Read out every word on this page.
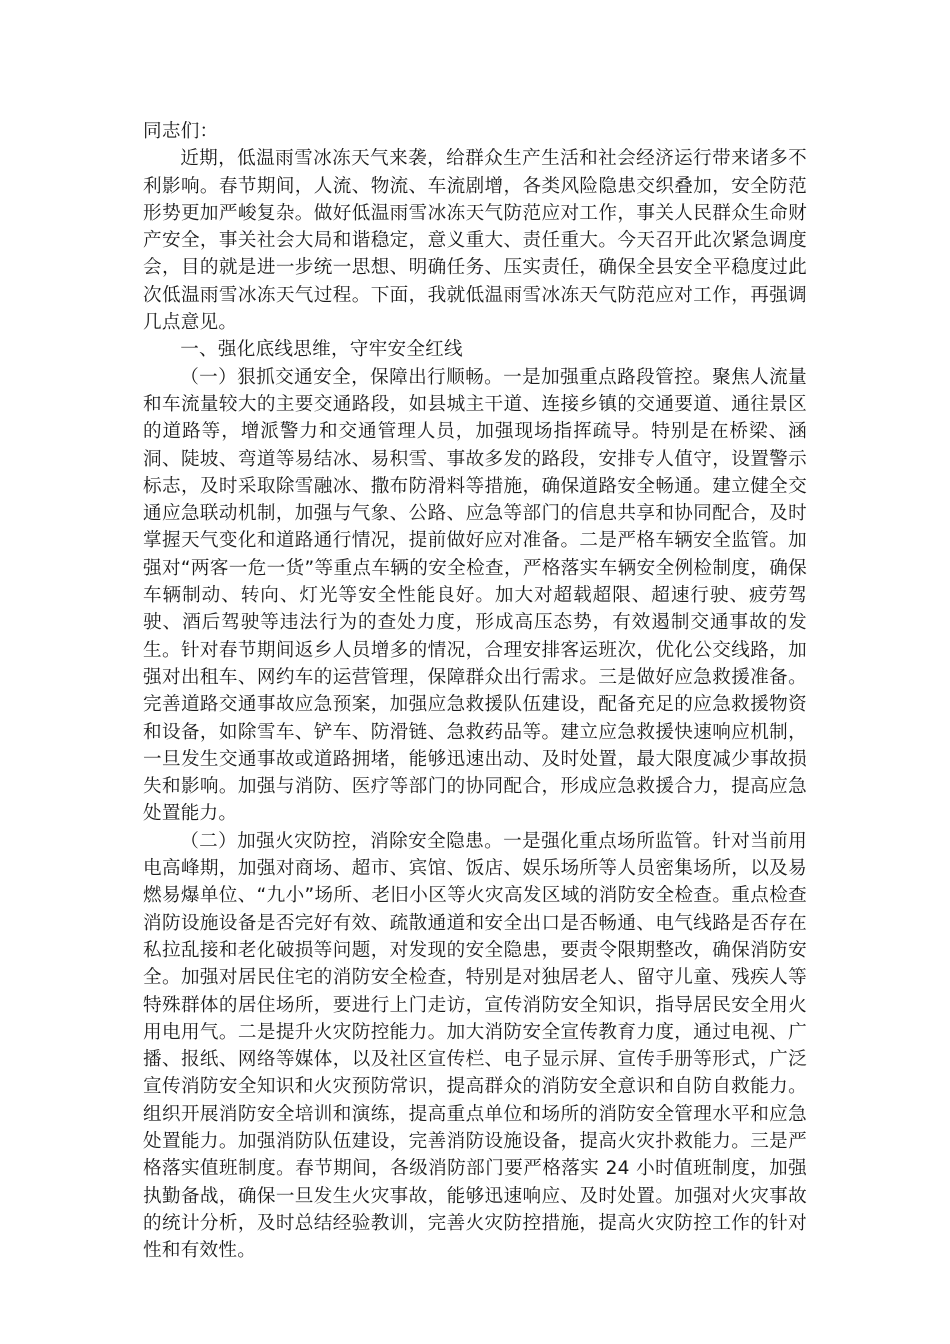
同志们：

近期，低温雨雪冰冻天气来袭，给群众生产生活和社会经济运行带来诸多不利影响。春节期间，人流、物流、车流剧增，各类风险隐患交织叠加，安全防范形势更加严峻复杂。做好低温雨雪冰冻天气防范应对工作，事关人民群众生命财产安全，事关社会大局和谐稳定，意义重大、责任重大。今天召开此次紧急调度会，目的就是进一步统一思想、明确任务、压实责任，确保全县安全平稳度过此次低温雨雪冰冻天气过程。下面，我就低温雨雪冰冻天气防范应对工作，再强调几点意见。

一、强化底线思维，守牢安全红线

（一）狠抓交通安全，保障出行顺畅。一是加强重点路段管控。聚焦人流量和车流量较大的主要交通路段，如县城主干道、连接乡镇的交通要道、通往景区的道路等，增派警力和交通管理人员，加强现场指挥疏导。特别是在桥梁、涵洞、陡坡、弯道等易结冰、易积雪、事故多发的路段，安排专人值守，设置警示标志，及时采取除雪融冰、撒布防滑料等措施，确保道路安全畅通。建立健全交通应急联动机制，加强与气象、公路、应急等部门的信息共享和协同配合，及时掌握天气变化和道路通行情况，提前做好应对准备。二是严格车辆安全监管。加强对“两客一危一货”等重点车辆的安全检查，严格落实车辆安全例检制度，确保车辆制动、转向、灯光等安全性能良好。加大对超载超限、超速行驶、疲劳驾驶、酒后驾驶等违法行为的查处力度，形成高压态势，有效遏制交通事故的发生。针对春节期间返乡人员增多的情况，合理安排客运班次，优化公交线路，加强对出租车、网约车的运营管理，保障群众出行需求。三是做好应急救援准备。完善道路交通事故应急预案，加强应急救援队伍建设，配备充足的应急救援物资和设备，如除雪车、铲车、防滑链、急救药品等。建立应急救援快速响应机制，一旦发生交通事故或道路拥堵，能够迅速出动、及时处置，最大限度减少事故损失和影响。加强与消防、医疗等部门的协同配合，形成应急救援合力，提高应急处置能力。

（二）加强火灾防控，消除安全隐患。一是强化重点场所监管。针对当前用电高峰期，加强对商场、超市、宾馆、饭店、娱乐场所等人员密集场所，以及易燃易爆单位、“九小”场所、老旧小区等火灾高发区域的消防安全检查。重点检查消防设施设备是否完好有效、疏散通道和安全出口是否畅通、电气线路是否存在私拉乱接和老化破损等问题，对发现的安全隐患，要责令限期整改，确保消防安全。加强对居民住宅的消防安全检查，特别是对独居老人、留守儿童、残疾人等特殊群体的居住场所，要进行上门走访，宣传消防安全知识，指导居民安全用火用电用气。二是提升火灾防控能力。加大消防安全宣传教育力度，通过电视、广播、报纸、网络等媒体，以及社区宣传栏、电子显示屏、宣传手册等形式，广泛宣传消防安全知识和火灾预防常识，提高群众的消防安全意识和自防自救能力。组织开展消防安全培训和演练，提高重点单位和场所的消防安全管理水平和应急处置能力。加强消防队伍建设，完善消防设施设备，提高火灾扑救能力。三是严格落实值班制度。春节期间，各级消防部门要严格落实 24 小时值班制度，加强执勤备战，确保一旦发生火灾事故，能够迅速响应、及时处置。加强对火灾事故的统计分析，及时总结经验教训，完善火灾防控措施，提高火灾防控工作的针对性和有效性。
